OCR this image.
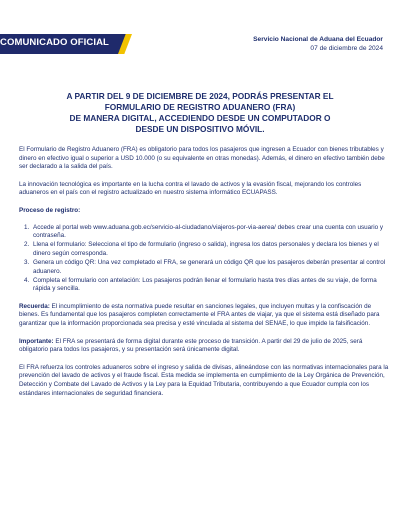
COMUNICADO OFICIAL	Servicio Nacional de Aduana del Ecuador
07 de diciembre de 2024
A PARTIR DEL 9 DE DICIEMBRE DE 2024, PODRÁS PRESENTAR EL
FORMULARIO DE REGISTRO ADUANERO (FRA)
DE MANERA DIGITAL, ACCEDIENDO DESDE UN COMPUTADOR O
DESDE UN DISPOSITIVO MÓVIL.

El Formulario de Registro Aduanero (FRA) es obligatorio para todos los pasajeros que ingresen a Ecuador con bienes tributables y dinero en efectivo igual o superior a USD 10.000 (o su equivalente en otras monedas). Además, el dinero en efectivo también debe ser declarado a la salida del país.

La innovación tecnológica es importante en la lucha contra el lavado de activos y la evasión fiscal, mejorando los controles aduaneros en el país con el registro actualizado en nuestro sistema informático ECUAPASS.

Proceso de registro:

1. Accede al portal web www.aduana.gob.ec/servicio-al-ciudadano/viajeros-por-via-aerea/ debes crear una cuenta con usuario y contraseña.
2. Llena el formulario: Selecciona el tipo de formulario (ingreso o salida), ingresa los datos personales y declara los bienes y el dinero según corresponda.
3. Genera un código QR: Una vez completado el FRA, se generará un código QR que los pasajeros deberán presentar al control aduanero.
4. Completa el formulario con antelación: Los pasajeros podrán llenar el formulario hasta tres días antes de su viaje, de forma rápida y sencilla.

Recuerda: El incumplimiento de esta normativa puede resultar en sanciones legales, que incluyen multas y la confiscación de bienes. Es fundamental que los pasajeros completen correctamente el FRA antes de viajar, ya que el sistema está diseñado para garantizar que la información proporcionada sea precisa y esté vinculada al sistema del SENAE, lo que impide la falsificación.

Importante: El FRA se presentará de forma digital durante este proceso de transición. A partir del 29 de julio de 2025, será obligatorio para todos los pasajeros, y su presentación será únicamente digital.

El FRA refuerza los controles aduaneros sobre el ingreso y salida de divisas, alineándose con las normativas internacionales para la prevención del lavado de activos y el fraude fiscal. Esta medida se implementa en cumplimiento de la Ley Orgánica de Prevención, Detección y Combate del Lavado de Activos y la Ley para la Equidad Tributaria, contribuyendo a que Ecuador cumpla con los estándares internacionales de seguridad financiera.
